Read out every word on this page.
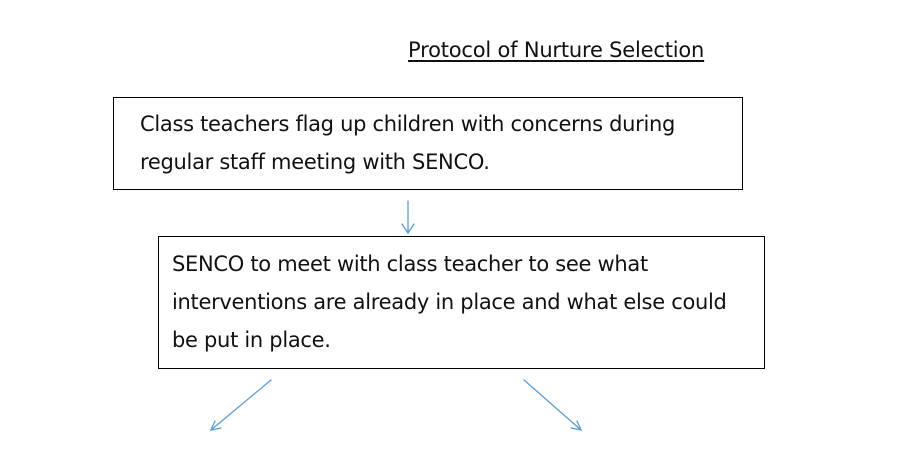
Protocol of Nurture Selection
Class teachers flag up children with concerns during regular staff meeting with SENCO.
SENCO to meet with class teacher to see what interventions are already in place and what else could be put in place.
